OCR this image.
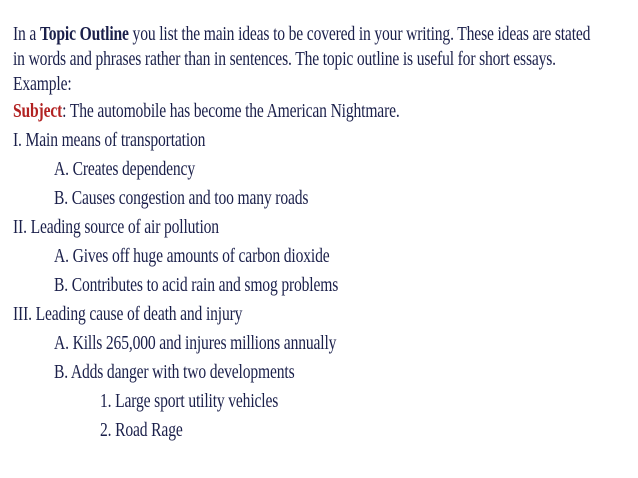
In a Topic Outline you list the main ideas to be covered in your writing. These ideas are stated
in words and phrases rather than in sentences. The topic outline is useful for short essays.
Example:
Subject: The automobile has become the American Nightmare.
I. Main means of transportation
A. Creates dependency
B. Causes congestion and too many roads
II. Leading source of air pollution
A. Gives off huge amounts of carbon dioxide
B. Contributes to acid rain and smog problems
III. Leading cause of death and injury
A. Kills 265,000 and injures millions annually
B. Adds danger with two developments
1. Large sport utility vehicles
2. Road Rage
